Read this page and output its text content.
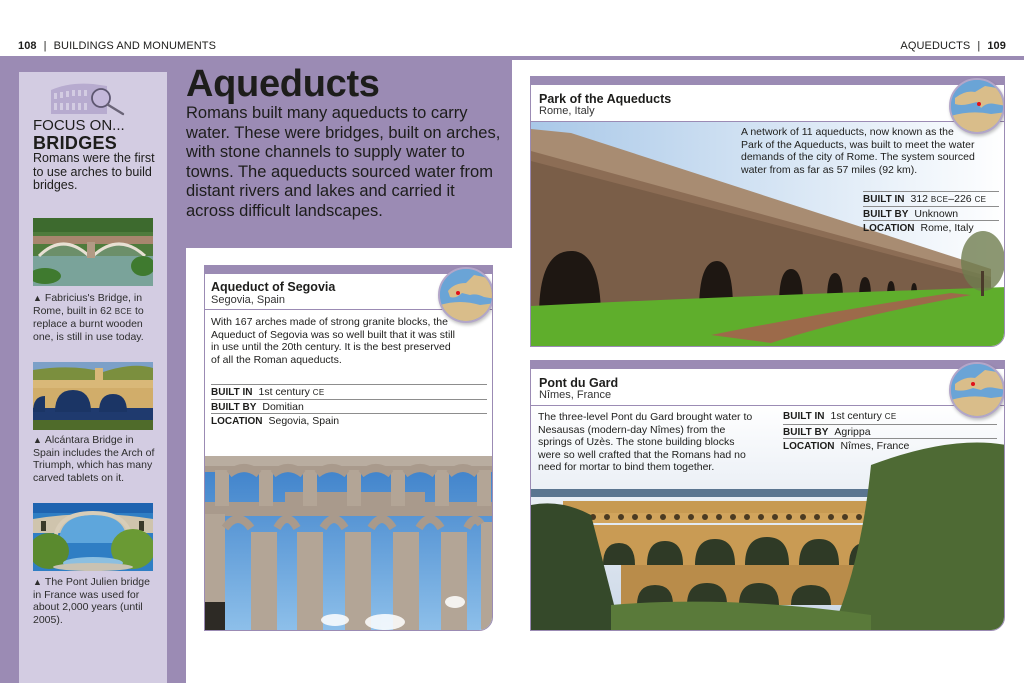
108 | BUILDINGS AND MONUMENTS	AQUEDUCTS | 109
FOCUS ON...
BRIDGES
Romans were the first to use arches to build bridges.
▲ Fabricius's Bridge, in Rome, built in 62 BCE to replace a burnt wooden one, is still in use today.
▲ Alcántara Bridge in Spain includes the Arch of Triumph, which has many carved tablets on it.
▲ The Pont Julien bridge in France was used for about 2,000 years (until 2005).
Aqueducts

Romans built many aqueducts to carry water. These were bridges, built on arches, with stone channels to supply water to towns. The aqueducts sourced water from distant rivers and lakes and carried it across difficult landscapes.

Aqueduct of Segovia
Segovia, Spain
With 167 arches made of strong granite blocks, the Aqueduct of Segovia was so well built that it was still in use until the 20th century. It is the best preserved of all the Roman aqueducts.
BUILT IN 1st century CE
BUILT BY Domitian
LOCATION Segovia, Spain
Park of the Aqueducts
Rome, Italy
A network of 11 aqueducts, now known as the Park of the Aqueducts, was built to meet the water demands of the city of Rome. The system sourced water from as far as 57 miles (92 km).
BUILT IN 312 BCE–226 CE
BUILT BY Unknown
LOCATION Rome, Italy
Pont du Gard
Nîmes, France
The three-level Pont du Gard brought water to Nesausas (modern-day Nîmes) from the springs of Uzès. The stone building blocks were so well crafted that the Romans had no need for mortar to bind them together.
BUILT IN 1st century CE
BUILT BY Agrippa
LOCATION Nîmes, France
